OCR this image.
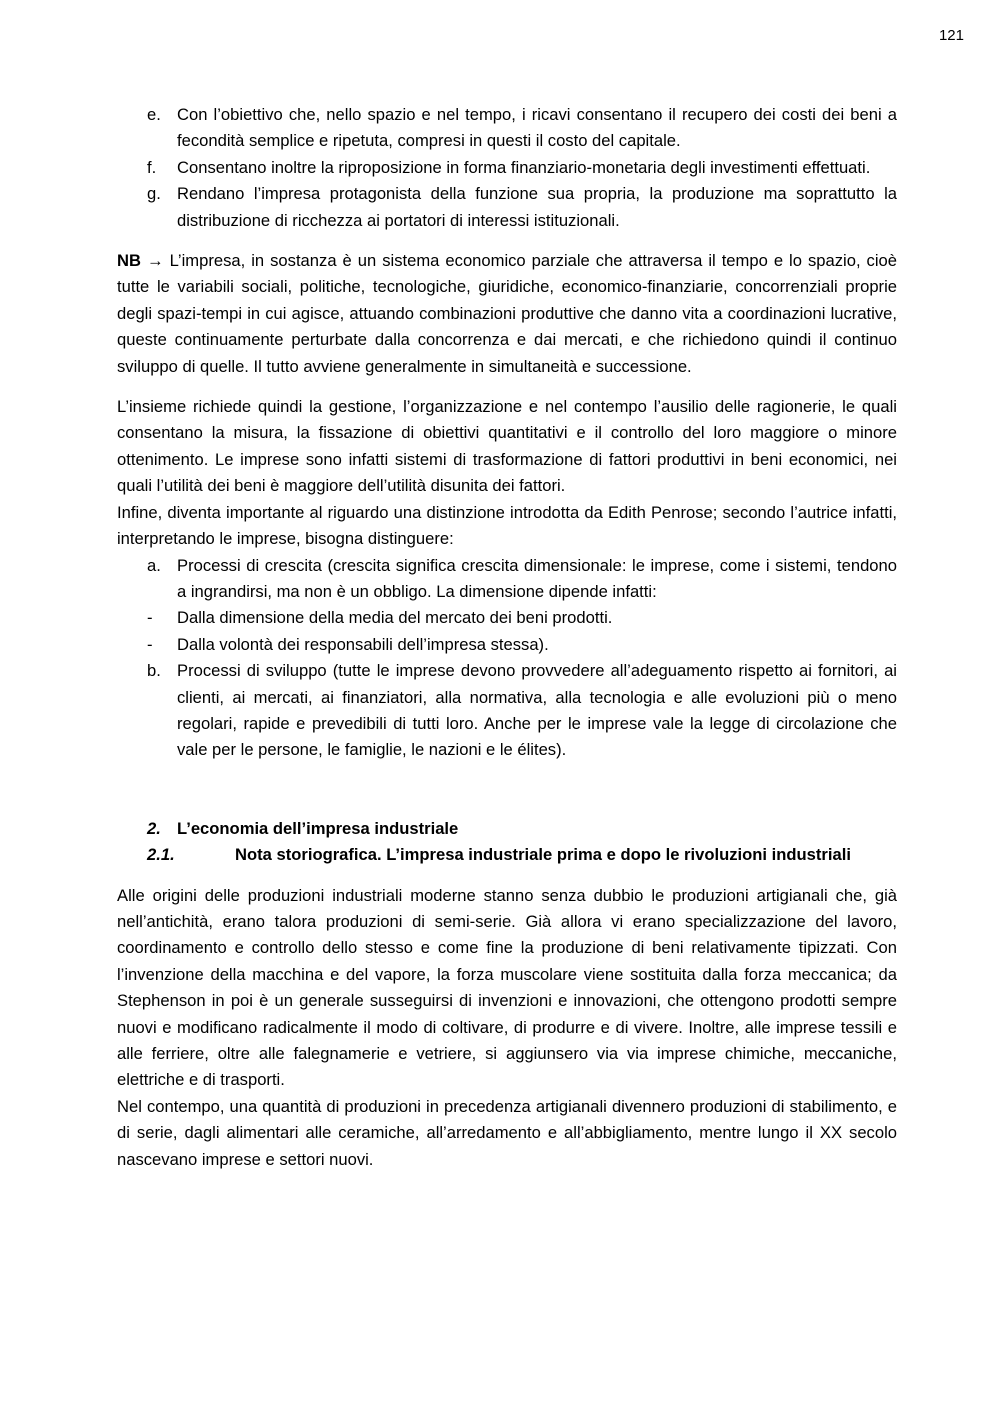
121
e. Con l’obiettivo che, nello spazio e nel tempo, i ricavi consentano il recupero dei costi dei beni a fecondità semplice e ripetuta, compresi in questi il costo del capitale.
f.	Consentano inoltre la riproposizione in forma finanziario-monetaria degli investimenti effettuati.
g. Rendano l’impresa protagonista della funzione sua propria, la produzione ma soprattutto la distribuzione di ricchezza ai portatori di interessi istituzionali.

NB → L’impresa, in sostanza è un sistema economico parziale che attraversa il tempo e lo spazio, cioè tutte le variabili sociali, politiche, tecnologiche, giuridiche, economico-finanziarie, concorrenziali proprie degli spazi-tempi in cui agisce, attuando combinazioni produttive che danno vita a coordinazioni lucrative, queste continuamente perturbate dalla concorrenza e dai mercati, e che richiedono quindi il continuo sviluppo di quelle. Il tutto avviene generalmente in simultaneità e successione.

L’insieme richiede quindi la gestione, l’organizzazione e nel contempo l’ausilio delle ragionerie, le quali consentano la misura, la fissazione di obiettivi quantitativi e il controllo del loro maggiore o minore ottenimento. Le imprese sono infatti sistemi di trasformazione di fattori produttivi in beni economici, nei quali l’utilità dei beni è maggiore dell’utilità disunita dei fattori.

Infine, diventa importante al riguardo una distinzione introdotta da Edith Penrose; secondo l’autrice infatti, interpretando le imprese, bisogna distinguere:

a. Processi di crescita (crescita significa crescita dimensionale: le imprese, come i sistemi, tendono a ingrandirsi, ma non è un obbligo. La dimensione dipende infatti:
-	Dalla dimensione della media del mercato dei beni prodotti.
-	Dalla volontà dei responsabili dell’impresa stessa).
b. Processi di sviluppo (tutte le imprese devono provvedere all’adeguamento rispetto ai fornitori, ai clienti, ai mercati, ai finanziatori, alla normativa, alla tecnologia e alle evoluzioni più o meno regolari, rapide e prevedibili di tutti loro. Anche per le imprese vale la legge di circolazione che vale per le persone, le famiglie, le nazioni e le élites).
2. L’economia dell’impresa industriale
2.1.	Nota storiografica. L’impresa industriale prima e dopo le rivoluzioni industriali

Alle origini delle produzioni industriali moderne stanno senza dubbio le produzioni artigianali che, già nell’antichità, erano talora produzioni di semi-serie. Già allora vi erano specializzazione del lavoro, coordinamento e controllo dello stesso e come fine la produzione di beni relativamente tipizzati. Con l’invenzione della macchina e del vapore, la forza muscolare viene sostituita dalla forza meccanica; da Stephenson in poi è un generale susseguirsi di invenzioni e innovazioni, che ottengono prodotti sempre nuovi e modificano radicalmente il modo di coltivare, di produrre e di vivere. Inoltre, alle imprese tessili e alle ferriere, oltre alle falegnamerie e vetriere, si aggiunsero via via imprese chimiche, meccaniche, elettriche e di trasporti.

Nel contempo, una quantità di produzioni in precedenza artigianali divennero produzioni di stabilimento, e di serie, dagli alimentari alle ceramiche, all’arredamento e all’abbigliamento, mentre lungo il XX secolo nascevano imprese e settori nuovi.
